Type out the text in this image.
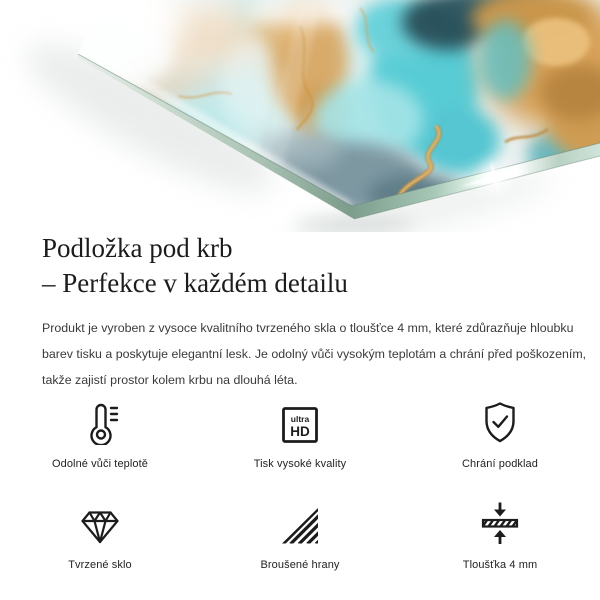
Podložka pod krb
– Perfekce v každém detailu
Produkt je vyroben z vysoce kvalitního tvrzeného skla o tloušťce 4 mm, které zdůrazňuje hloubku
barev tisku a poskytuje elegantní lesk. Je odolný vůči vysokým teplotám a chrání před poškozením,
takže zajistí prostor kolem krbu na dlouhá léta.
Odolné vůči teplotě
ultra
HD
Tisk vysoké kvality	Chrání podklad
Tvrzené sklo	Broušené hrany	Tloušťka 4 mm
